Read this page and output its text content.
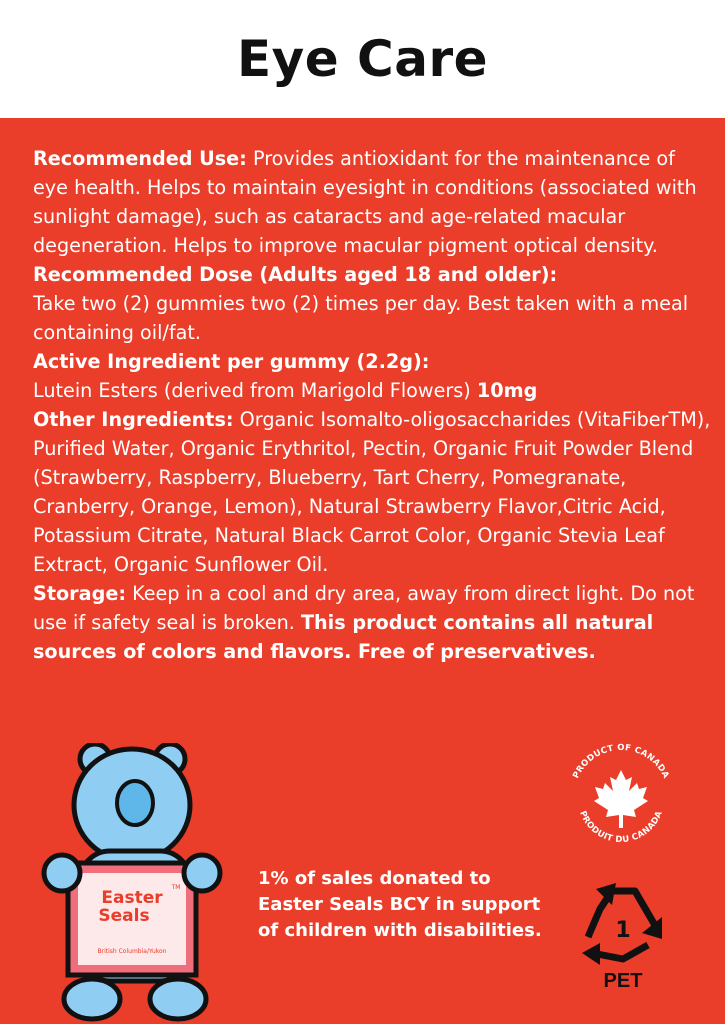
Eye Care

Recommended Use: Provides antioxidant for the maintenance of eye health. Helps to maintain eyesight in conditions (associated with sunlight damage), such as cataracts and age-related macular degeneration. Helps to improve macular pigment optical density.

Recommended Dose (Adults aged 18 and older):

Take two (2) gummies two (2) times per day. Best taken with a meal containing oil/fat.

Active Ingredient per gummy (2.2g):

Lutein Esters (derived from Marigold Flowers) 10mg

Other Ingredients: Organic Isomalto-oligosaccharides (VitaFiberTM), Purified Water, Organic Erythritol, Pectin, Organic Fruit Powder Blend (Strawberry, Raspberry, Blueberry, Tart Cherry, Pomegranate, Cranberry, Orange, Lemon), Natural Strawberry Flavor,Citric Acid, Potassium Citrate, Natural Black Carrot Color, Organic Stevia Leaf Extract, Organic Sunflower Oil.

Storage: Keep in a cool and dry area, away from direct light. Do not use if safety seal is broken. This product contains all natural sources of colors and flavors. Free of preservatives.

Easter
Seals
TM
British Columbia/Yukon
1% of sales donated to Easter Seals BCY in support of children with disabilities.
PRODUCT OF CANADA
PRODUIT DU CANADA
1
PET
